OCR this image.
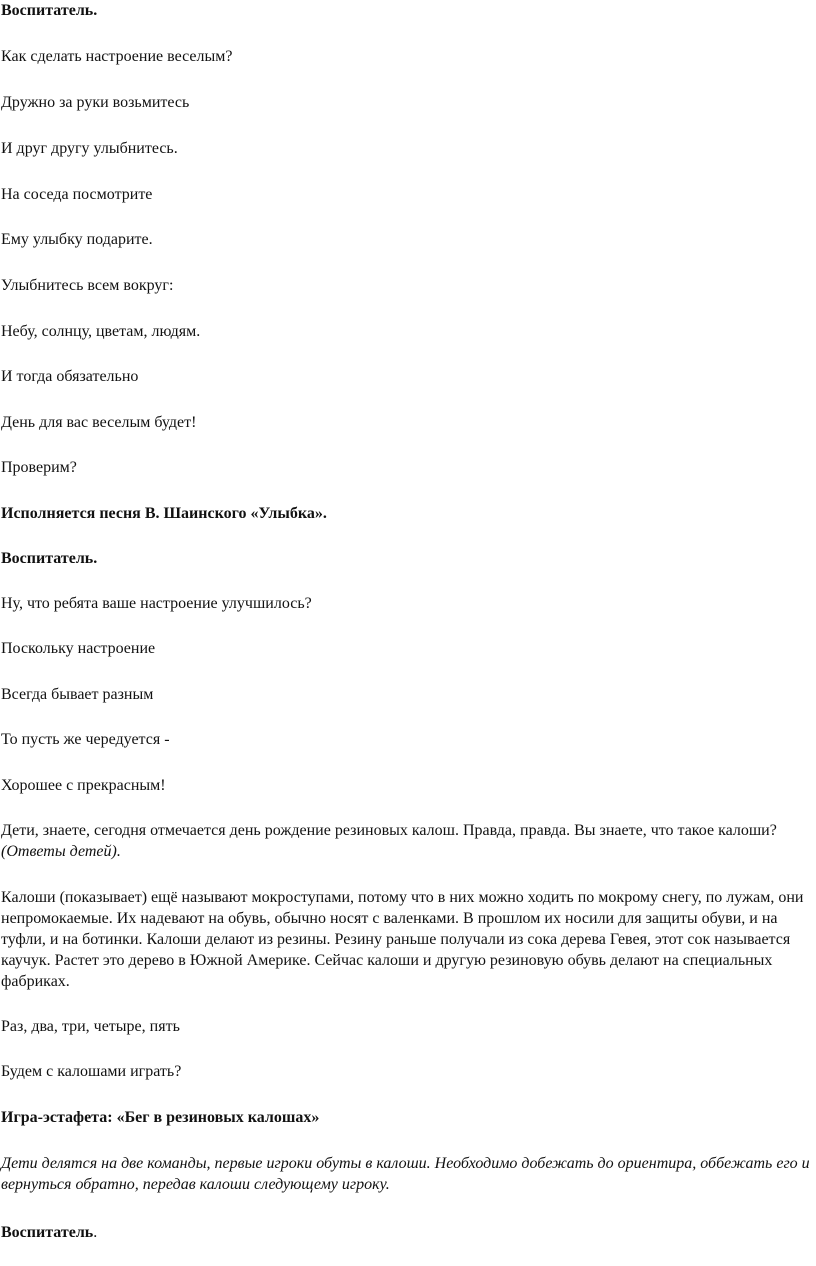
Воспитатель.

Как сделать настроение веселым?

Дружно за руки возьмитесь

И друг другу улыбнитесь.

На соседа посмотрите

Ему улыбку подарите.

Улыбнитесь всем вокруг:

Небу, солнцу, цветам, людям.

И тогда обязательно

День для вас веселым будет!

Проверим?

Исполняется песня В. Шаинского «Улыбка».

Воспитатель.

Ну, что ребята ваше настроение улучшилось?

Поскольку настроение

Всегда бывает разным

То пусть же чередуется -

Хорошее с прекрасным!

Дети, знаете, сегодня отмечается день рождение резиновых калош. Правда, правда. Вы знаете, что такое калоши? (Ответы детей).

Калоши (показывает) ещё называют мокроступами, потому что в них можно ходить по мокрому снегу, по лужам, они непромокаемые. Их надевают на обувь, обычно носят с валенками. В прошлом их носили для защиты обуви, и на туфли, и на ботинки. Калоши делают из резины. Резину раньше получали из сока дерева Гевея, этот сок называется каучук. Растет это дерево в Южной Америке. Сейчас калоши и другую резиновую обувь делают на специальных фабриках.

Раз, два, три, четыре, пять

Будем с калошами играть?

Игра-эстафета: «Бег в резиновых калошах»

Дети делятся на две команды, первые игроки обуты в калоши. Необходимо добежать до ориентира, оббежать его и вернуться обратно, передав калоши следующему игроку.

Воспитатель.
